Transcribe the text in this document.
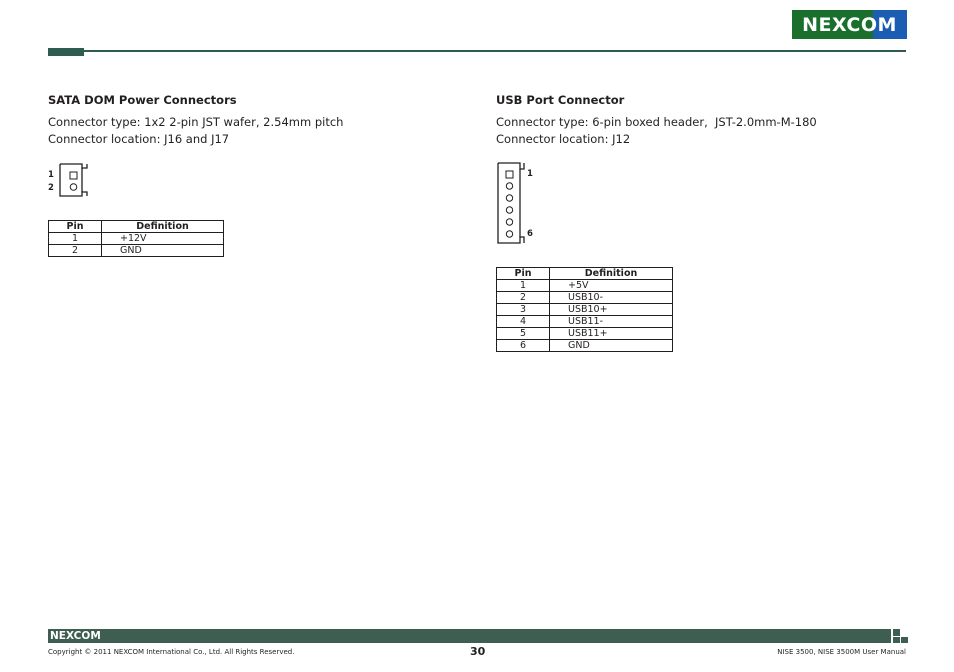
NEXCOM
SATA DOM Power Connectors
Connector type: 1x2 2-pin JST wafer, 2.54mm pitch
Connector location: J16 and J17
1
2
Pin	Definition
1	+12V
2	GND
USB Port Connector
Connector type: 6-pin boxed header,  JST-2.0mm-M-180
Connector location: J12
1
6
Pin	Definition
1	+5V
2	USB10-
3	USB10+
4	USB11-
5	USB11+
6	GND
NEXCOM
Copyright © 2011 NEXCOM International Co., Ltd. All Rights Reserved.	30	NISE 3500, NISE 3500M User Manual
